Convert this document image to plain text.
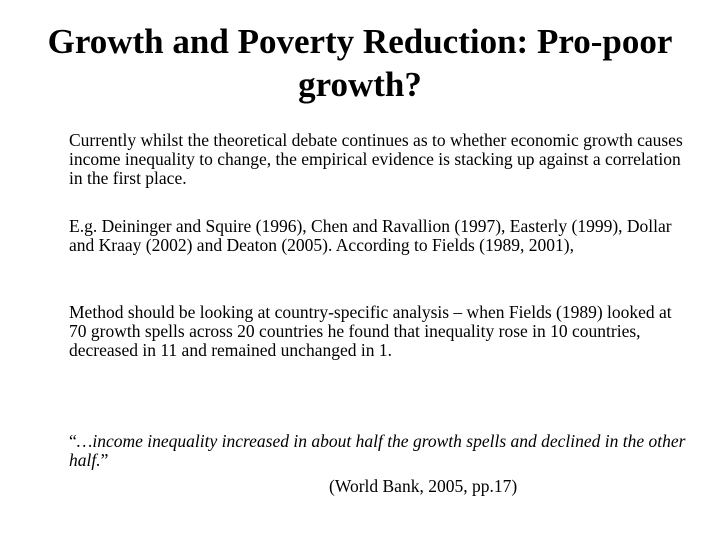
Growth and Poverty Reduction: Pro-poor growth?

Currently whilst the theoretical debate continues as to whether economic growth causes income inequality to change, the empirical evidence is stacking up against a correlation in the first place.

E.g. Deininger and Squire (1996), Chen and Ravallion (1997), Easterly (1999), Dollar and Kraay (2002) and Deaton (2005). According to Fields (1989, 2001),

Method should be looking at country-specific analysis – when Fields (1989) looked at 70 growth spells across 20 countries he found that inequality rose in 10 countries, decreased in 11 and remained unchanged in 1.

“…income inequality increased in about half the growth spells and declined in the other half.”

(World Bank, 2005, pp.17)
